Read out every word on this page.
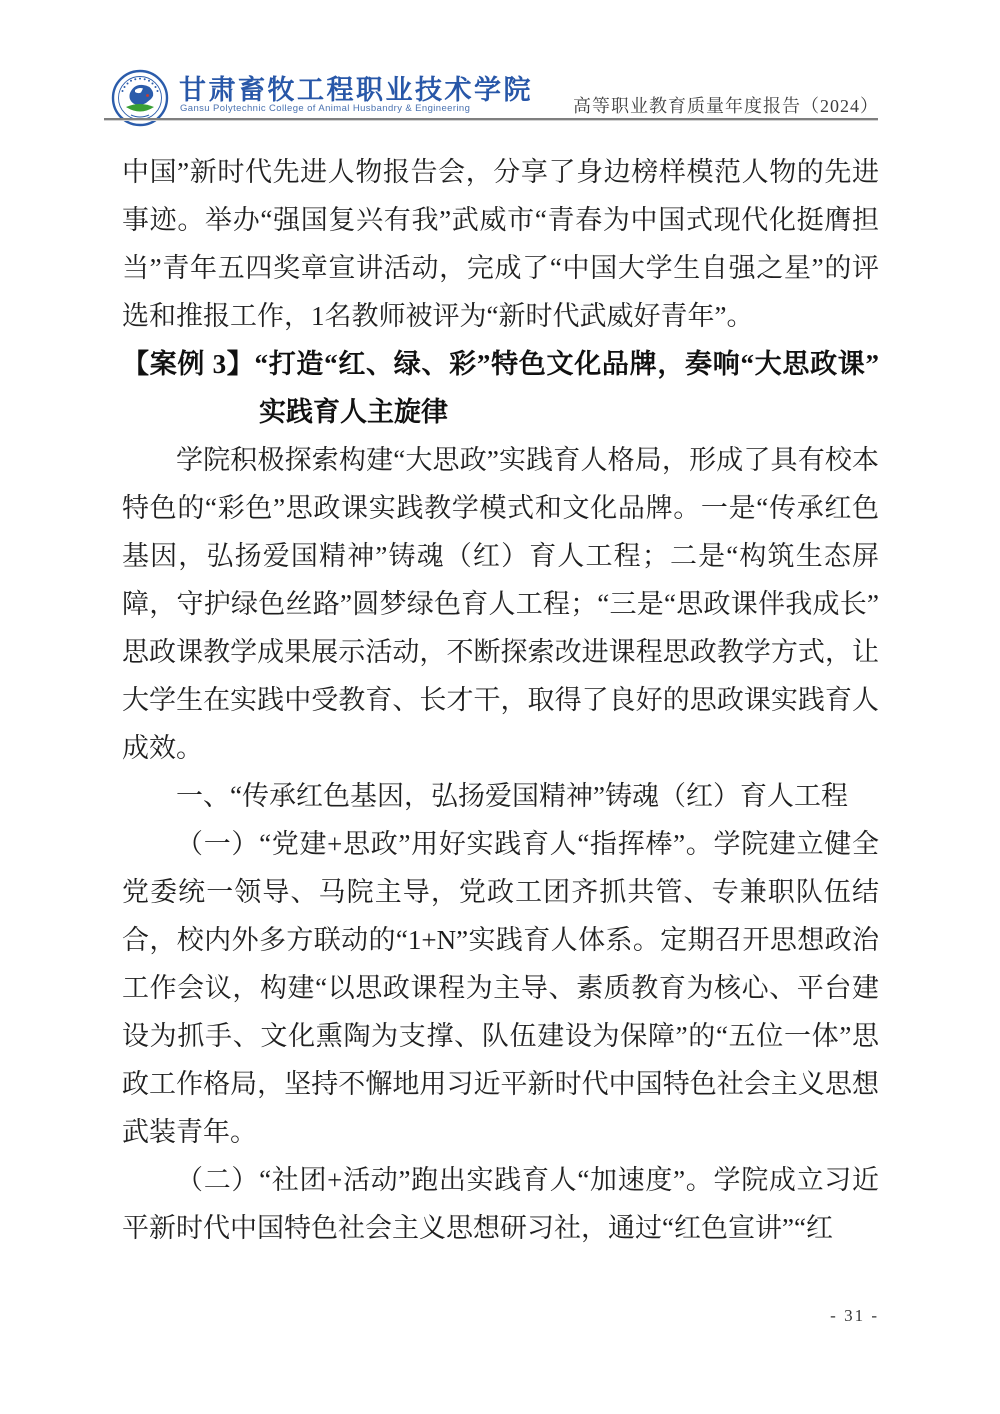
甘肃畜牧工程职业技术学院
Gansu Polytechnic College of Animal Husbandry & Engineering	高等职业教育质量年度报告（2024）

中国”新时代先进人物报告会，分享了身边榜样模范人物的先进事迹。举办“强国复兴有我”武威市“青春为中国式现代化挺膺担当”青年五四奖章宣讲活动，完成了“中国大学生自强之星”的评选和推报工作，1名教师被评为“新时代武威好青年”。

【案例 3】“打造“红、绿、彩”特色文化品牌，奏响“大思政课”实践育人主旋律

学院积极探索构建“大思政”实践育人格局，形成了具有校本特色的“彩色”思政课实践教学模式和文化品牌。一是“传承红色基因，弘扬爱国精神”铸魂（红）育人工程；二是“构筑生态屏障，守护绿色丝路”圆梦绿色育人工程；“三是“思政课伴我成长”思政课教学成果展示活动，不断探索改进课程思政教学方式，让大学生在实践中受教育、长才干，取得了良好的思政课实践育人成效。

一、“传承红色基因，弘扬爱国精神”铸魂（红）育人工程

（一）“党建+思政”用好实践育人“指挥棒”。学院建立健全党委统一领导、马院主导，党政工团齐抓共管、专兼职队伍结合，校内外多方联动的“1+N”实践育人体系。定期召开思想政治工作会议，构建“以思政课程为主导、素质教育为核心、平台建设为抓手、文化熏陶为支撑、队伍建设为保障”的“五位一体”思政工作格局，坚持不懈地用习近平新时代中国特色社会主义思想武装青年。

（二）“社团+活动”跑出实践育人“加速度”。学院成立习近平新时代中国特色社会主义思想研习社，通过“红色宣讲”“红

- 31 -
